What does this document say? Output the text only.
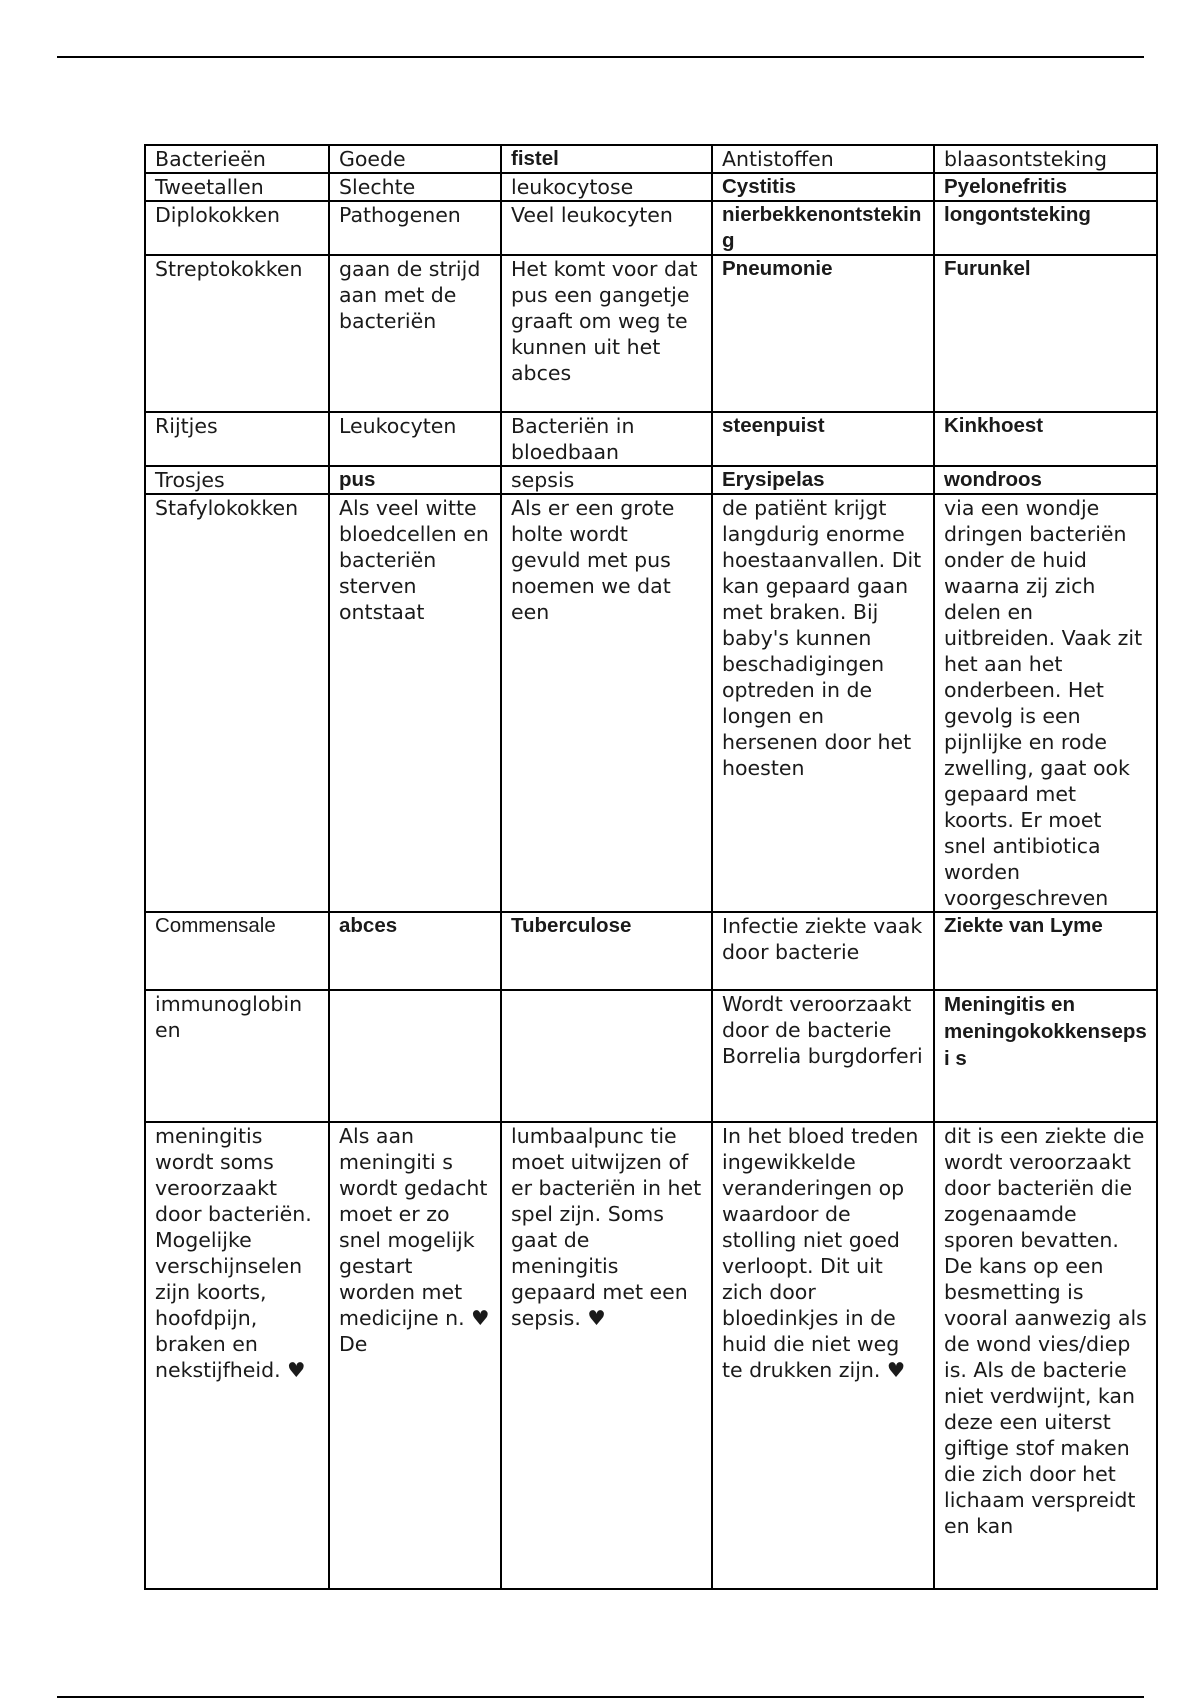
Bacterieën	Goede	fistel	Antistoffen	blaasontsteking
Tweetallen	Slechte	leukocytose	Cystitis	Pyelonefritis
Diplokokken	Pathogenen	Veel leukocyten	nierbekkenontsteking	longontsteking
Streptokokken	gaan de strijd aan met de bacteriën	Het komt voor dat pus een gangetje graaft om weg te kunnen uit het abces	Pneumonie	Furunkel
Rijtjes	Leukocyten	Bacteriën in bloedbaan	steenpuist	Kinkhoest
Trosjes	pus	sepsis	Erysipelas	wondroos
Stafylokokken	Als veel witte bloedcellen en bacteriën sterven ontstaat	Als er een grote holte wordt gevuld met pus noemen we dat een	de patiënt krijgt langdurig enorme hoestaanvallen. Dit kan gepaard gaan met braken. Bij baby's kunnen beschadigingen optreden in de longen en hersenen door het hoesten	via een wondje dringen bacteriën onder de huid waarna zij zich delen en uitbreiden. Vaak zit het aan het onderbeen. Het gevolg is een pijnlijke en rode zwelling, gaat ook gepaard met koorts. Er moet snel antibiotica worden voorgeschreven
Commensale	abces	Tuberculose	Infectie ziekte vaak door bacterie	Ziekte van Lyme
immunoglobin en			Wordt veroorzaakt door de bacterie Borrelia burgdorferi	Meningitis en meningokokkensepsi s
meningitis wordt soms veroorzaakt door bacteriën. Mogelijke verschijnselen zijn koorts, hoofdpijn, braken en nekstijfheid. ♥	Als aan meningiti s wordt gedacht moet er zo snel mogelijk gestart worden met medicijne n. ♥ De	lumbaalpunc tie moet uitwijzen of er bacteriën in het spel zijn. Soms gaat de meningitis gepaard met een sepsis. ♥	In het bloed treden ingewikkelde veranderingen op waardoor de stolling niet goed verloopt. Dit uit zich door bloedinkjes in de huid die niet weg te drukken zijn. ♥	dit is een ziekte die wordt veroorzaakt door bacteriën die zogenaamde sporen bevatten. De kans op een besmetting is vooral aanwezig als de wond vies/diep is. Als de bacterie niet verdwijnt, kan deze een uiterst giftige stof maken die zich door het lichaam verspreidt en kan
